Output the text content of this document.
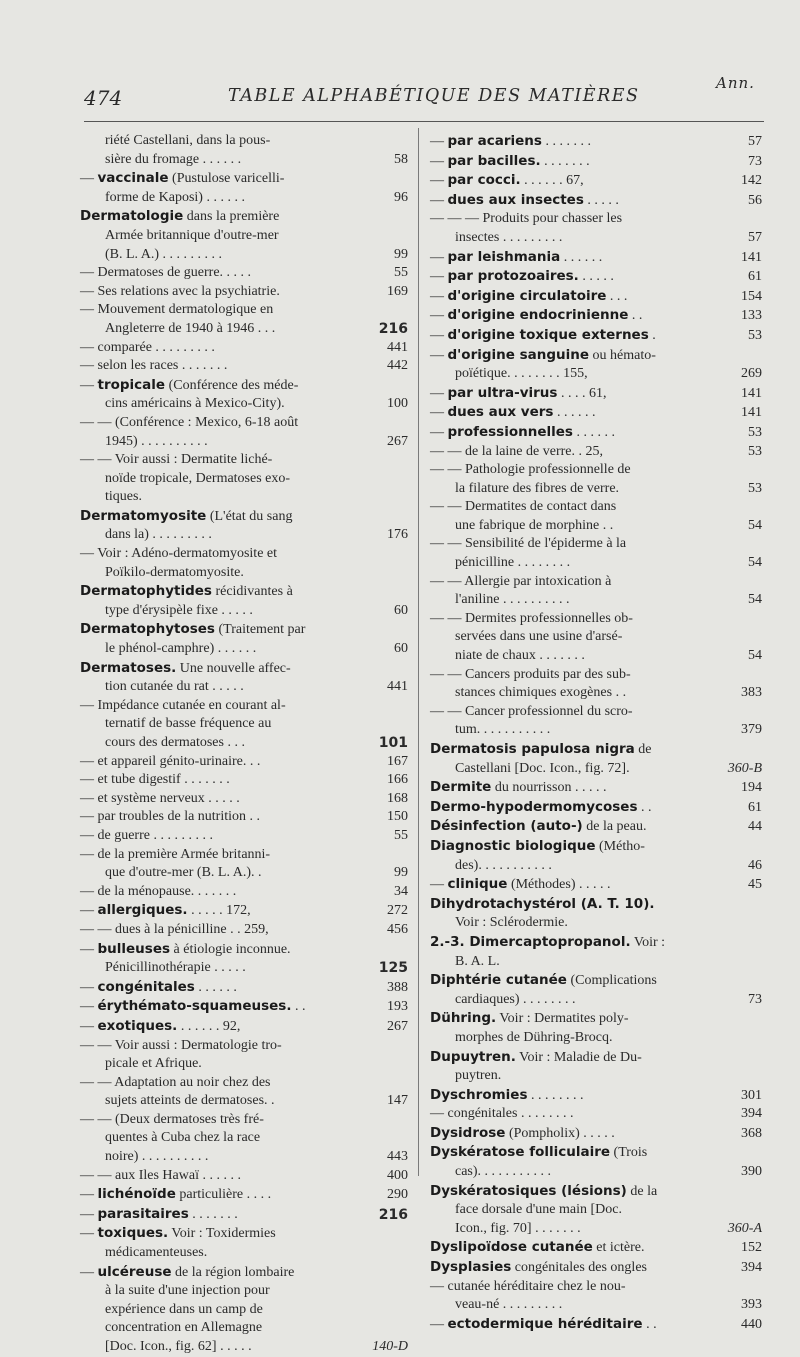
474	TABLE ALPHABÉTIQUE DES MATIÈRES
Ann.
riété Castellani, dans la pous-
sière du fromage . . . . . .	58
— vaccinale (Pustulose varicelli-
forme de Kaposi) . . . . . .	96
Dermatologie dans la première
Armée britannique d'outre-mer
(B. L. A.) . . . . . . . . .	99
— Dermatoses de guerre. . . . .	55
— Ses relations avec la psychiatrie.	169
— Mouvement dermatologique en
Angleterre de 1940 à 1946 . . .	216
— comparée . . . . . . . . .	441
— selon les races . . . . . . .	442
— tropicale (Conférence des méde-
cins américains à Mexico-City).	100
— — (Conférence : Mexico, 6-18 août
1945) . . . . . . . . . .	267
— — Voir aussi : Dermatite liché-
noïde tropicale, Dermatoses exo-
tiques.
Dermatomyosite (L'état du sang
dans la) . . . . . . . . .	176
— Voir : Adéno-dermatomyosite et
Poïkilo-dermatomyosite.
Dermatophytides récidivantes à
type d'érysipèle fixe . . . . .	60
Dermatophytoses (Traitement par
le phénol-camphre) . . . . . .	60
Dermatoses. Une nouvelle affec-
tion cutanée du rat . . . . .	441
— Impédance cutanée en courant al-
ternatif de basse fréquence au
cours des dermatoses . . .	101
— et appareil génito-urinaire. . .	167
— et tube digestif . . . . . . .	166
— et système nerveux . . . . .	168
— par troubles de la nutrition . .	150
— de guerre . . . . . . . . .	55
— de la première Armée britanni-
que d'outre-mer (B. L. A.). .	99
— de la ménopause. . . . . . .	34
— allergiques. . . . . . 172,	272
— — dues à la pénicilline . . 259,	456
— bulleuses à étiologie inconnue.
Pénicillinothérapie . . . . .	125
— congénitales . . . . . .	388
— érythémato-squameuses. . .	193
— exotiques. . . . . . . 92,	267
— — Voir aussi : Dermatologie tro-
picale et Afrique.
— — Adaptation au noir chez des
sujets atteints de dermatoses. .	147
— — (Deux dermatoses très fré-
quentes à Cuba chez la race
noire) . . . . . . . . . .	443
— — aux Iles Hawaï . . . . . .	400
— lichénoïde particulière . . . .	290
— parasitaires . . . . . . .	216
— toxiques. Voir : Toxidermies
médicamenteuses.
— ulcéreuse de la région lombaire
à la suite d'une injection pour
expérience dans un camp de
concentration en Allemagne
[Doc. Icon., fig. 62] . . . . .	140-D
— par acariens . . . . . . .	57
— par bacilles. . . . . . . .	73
— par cocci. . . . . . . 67,	142
— dues aux insectes . . . . .	56
— — — Produits pour chasser les
insectes . . . . . . . . .	57
— par leishmania . . . . . .	141
— par protozoaires. . . . . .	61
— d'origine circulatoire . . .	154
— d'origine endocrinienne . .	133
— d'origine toxique externes .	53
— d'origine sanguine ou hémato-
poïétique. . . . . . . . 155,	269
— par ultra-virus . . . . 61,	141
— dues aux vers . . . . . .	141
— professionnelles . . . . . .	53
— — de la laine de verre. . 25,	53
— — Pathologie professionnelle de
la filature des fibres de verre.	53
— — Dermatites de contact dans
une fabrique de morphine . .	54
— — Sensibilité de l'épiderme à la
pénicilline . . . . . . . .	54
— — Allergie par intoxication à
l'aniline . . . . . . . . . .	54
— — Dermites professionnelles ob-
servées dans une usine d'arsé-
niate de chaux . . . . . . .	54
— — Cancers produits par des sub-
stances chimiques exogènes . .	383
— — Cancer professionnel du scro-
tum. . . . . . . . . . .	379
Dermatosis papulosa nigra de
Castellani [Doc. Icon., fig. 72].	360-B
Dermite du nourrisson . . . . .	194
Dermo-hypodermomycoses . .	61
Désinfection (auto-) de la peau.	44
Diagnostic biologique (Métho-
des). . . . . . . . . . .	46
— clinique (Méthodes) . . . . .	45
Dihydrotachystérol (A. T. 10).
Voir : Sclérodermie.
2.-3. Dimercaptopropanol. Voir :
B. A. L.
Diphtérie cutanée (Complications
cardiaques) . . . . . . . .	73
Dühring. Voir : Dermatites poly-
morphes de Dühring-Brocq.
Dupuytren. Voir : Maladie de Du-
puytren.
Dyschromies . . . . . . . .	301
— congénitales . . . . . . . .	394
Dysidrose (Pompholix) . . . . .	368
Dyskératose folliculaire (Trois
cas). . . . . . . . . . .	390
Dyskératosiques (lésions) de la
face dorsale d'une main [Doc.
Icon., fig. 70] . . . . . . .	360-A
Dyslipoïdose cutanée et ictère.	152
Dysplasies congénitales des ongles	394
— cutanée héréditaire chez le nou-
veau-né . . . . . . . . .	393
— ectodermique héréditaire . .	440
